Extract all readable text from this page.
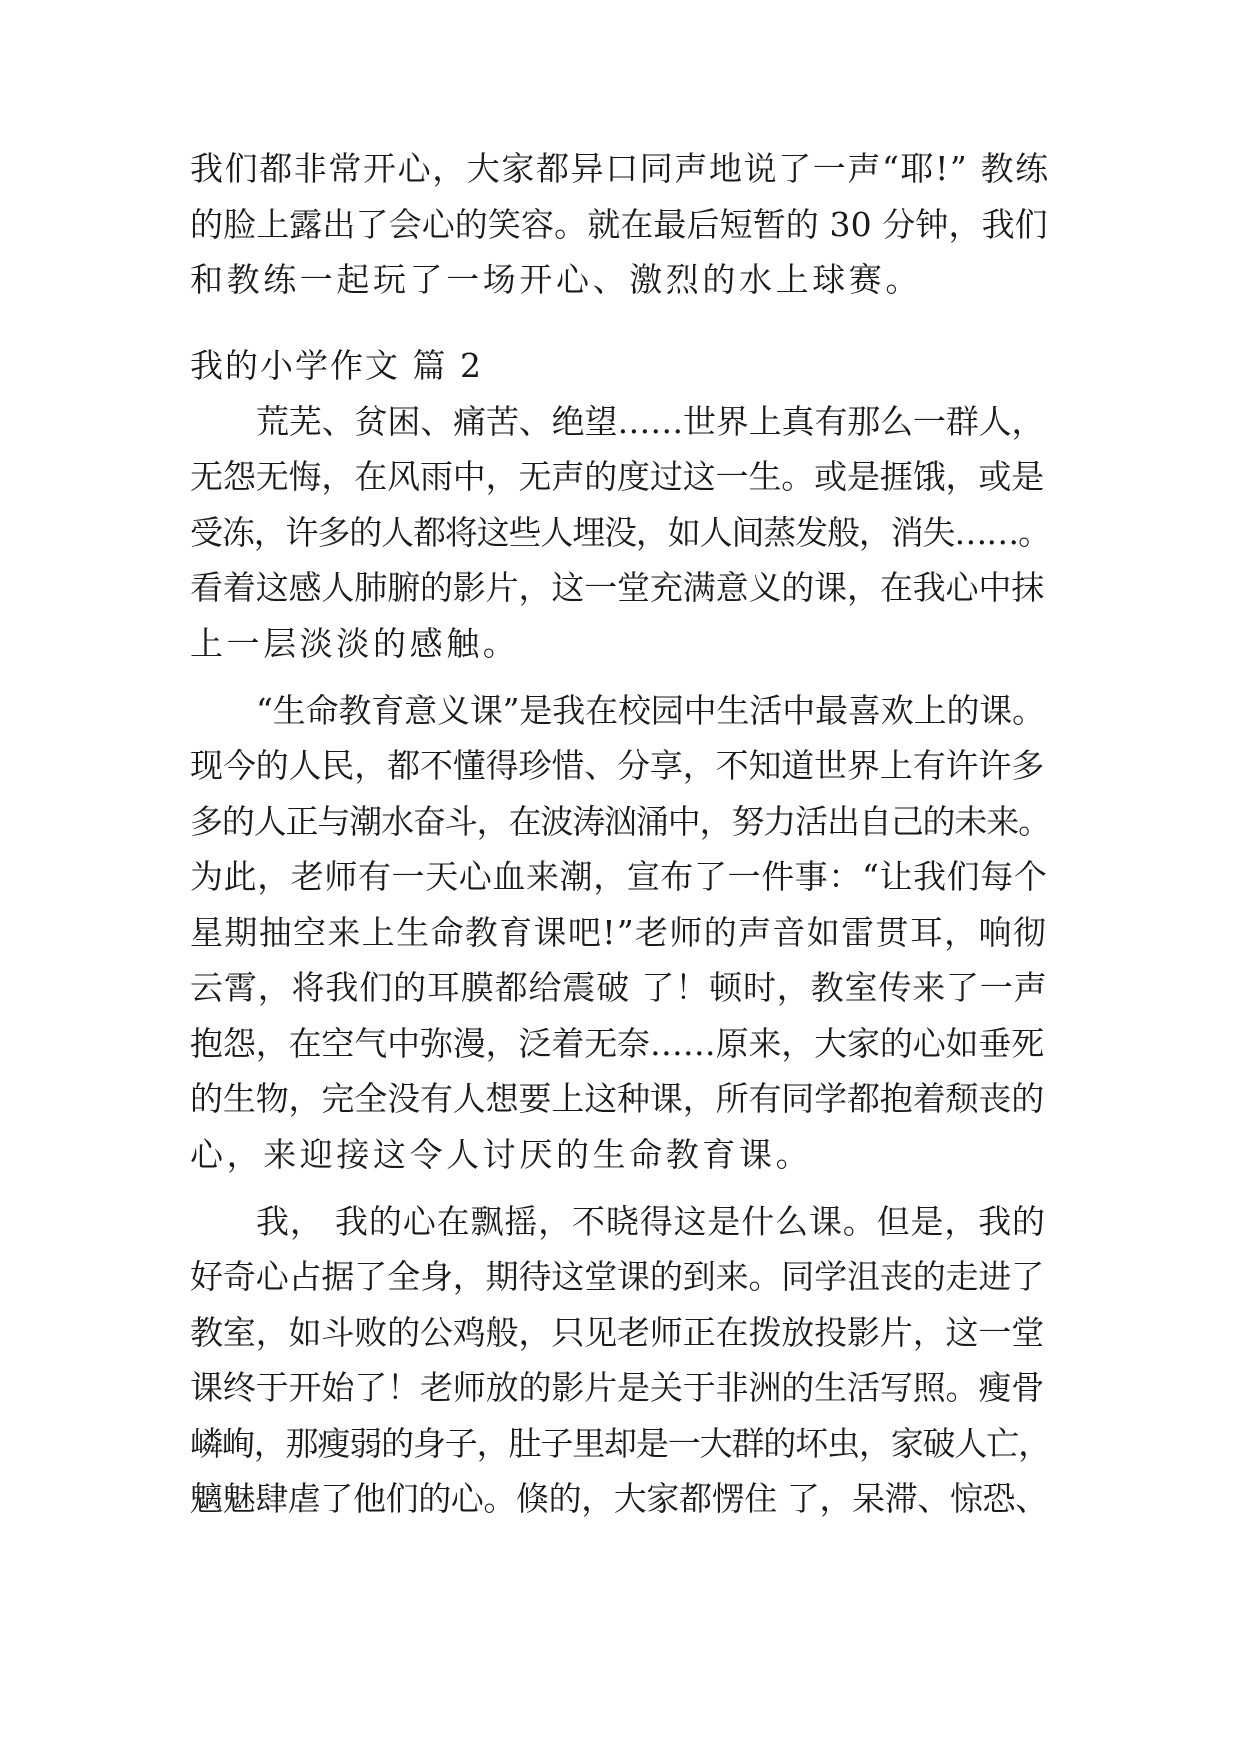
我们都非常开心，大家都异口同声地说了一声“耶!” 教练
的脸上露出了会心的笑容。就在最后短暂的 30 分钟，我们
和教练一起玩了一场开心、激烈的水上球赛。
我的小学作文 篇 2
荒芜、贫困、痛苦、绝望……世界上真有那么一群人，
无怨无悔，在风雨中，无声的度过这一生。或是捱饿，或是
受冻，许多的人都将这些人埋没，如人间蒸发般，消失……。
看着这感人肺腑的影片，这一堂充满意义的课，在我心中抹
上一层淡淡的感触。
“生命教育意义课”是我在校园中生活中最喜欢上的课。
现今的人民，都不懂得珍惜、分享，不知道世界上有许许多
多的人正与潮水奋斗，在波涛汹涌中，努力活出自己的未来。
为此，老师有一天心血来潮，宣布了一件事：“让我们每个
星期抽空来上生命教育课吧!”老师的声音如雷贯耳，响彻
云霄，将我们的耳膜都给震破 了！顿时，教室传来了一声
抱怨，在空气中弥漫，泛着无奈……原来，大家的心如垂死
的生物，完全没有人想要上这种课，所有同学都抱着颓丧的
心，来迎接这令人讨厌的生命教育课。
我， 我的心在飘摇，不晓得这是什么课。但是，我的
好奇心占据了全身，期待这堂课的到来。同学沮丧的走进了
教室，如斗败的公鸡般，只见老师正在拨放投影片，这一堂
课终于开始了！老师放的影片是关于非洲的生活写照。瘦骨
嶙峋，那瘦弱的身子，肚子里却是一大群的坏虫，家破人亡，
魑魅肆虐了他们的心。倏的，大家都愣住 了，呆滞、惊恐、
